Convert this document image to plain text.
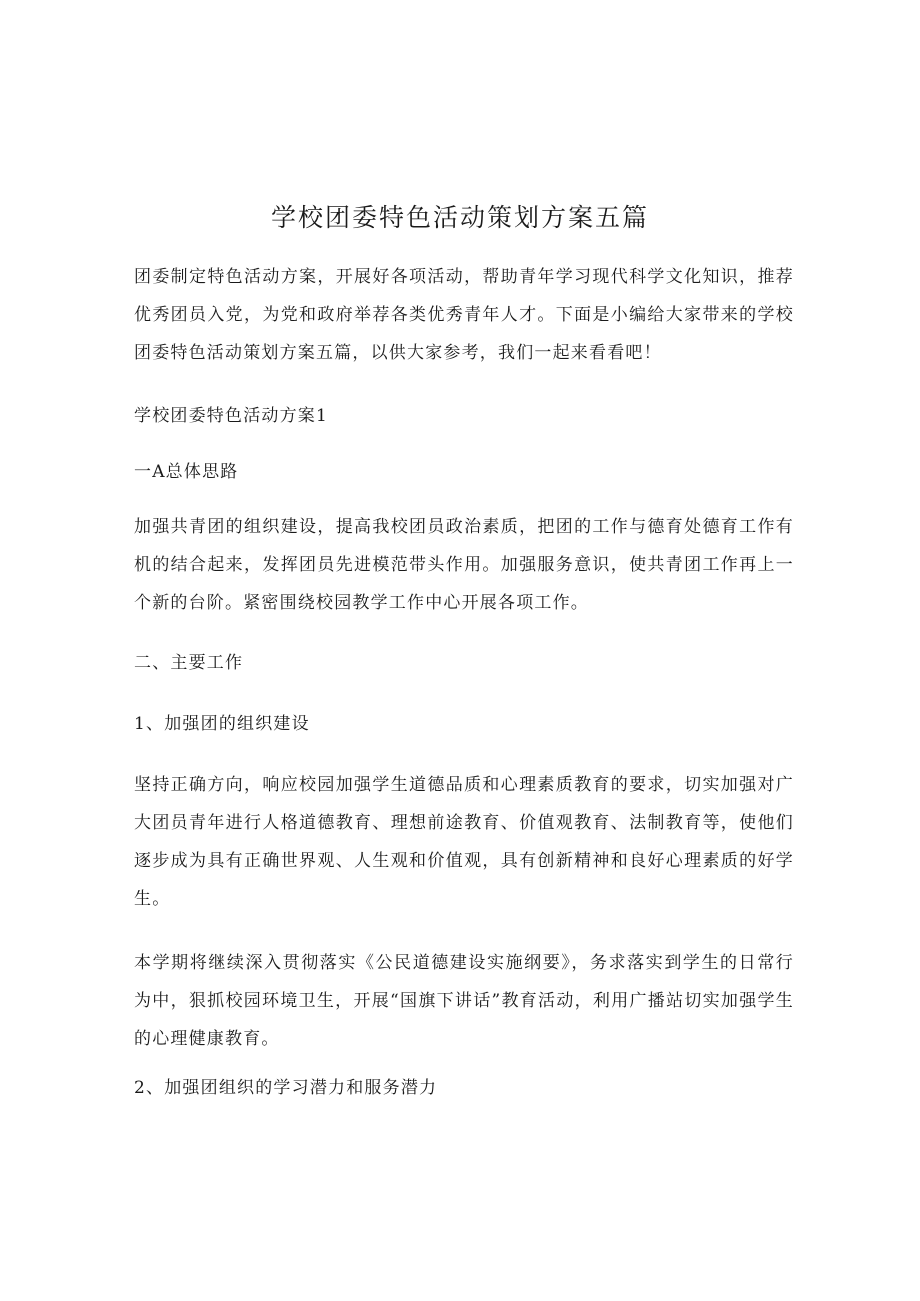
学校团委特色活动策划方案五篇

团委制定特色活动方案，开展好各项活动，帮助青年学习现代科学文化知识，推荐优秀团员入党，为党和政府举荐各类优秀青年人才。下面是小编给大家带来的学校团委特色活动策划方案五篇，以供大家参考，我们一起来看看吧！

学校团委特色活动方案1

一A总体思路

加强共青团的组织建设，提高我校团员政治素质，把团的工作与德育处德育工作有机的结合起来，发挥团员先进模范带头作用。加强服务意识，使共青团工作再上一个新的台阶。紧密围绕校园教学工作中心开展各项工作。

二、主要工作

1、加强团的组织建设

坚持正确方向，响应校园加强学生道德品质和心理素质教育的要求，切实加强对广大团员青年进行人格道德教育、理想前途教育、价值观教育、法制教育等，使他们逐步成为具有正确世界观、人生观和价值观，具有创新精神和良好心理素质的好学生。

本学期将继续深入贯彻落实《公民道德建设实施纲要》，务求落实到学生的日常行为中，狠抓校园环境卫生，开展“国旗下讲话”教育活动，利用广播站切实加强学生的心理健康教育。

2、加强团组织的学习潜力和服务潜力
